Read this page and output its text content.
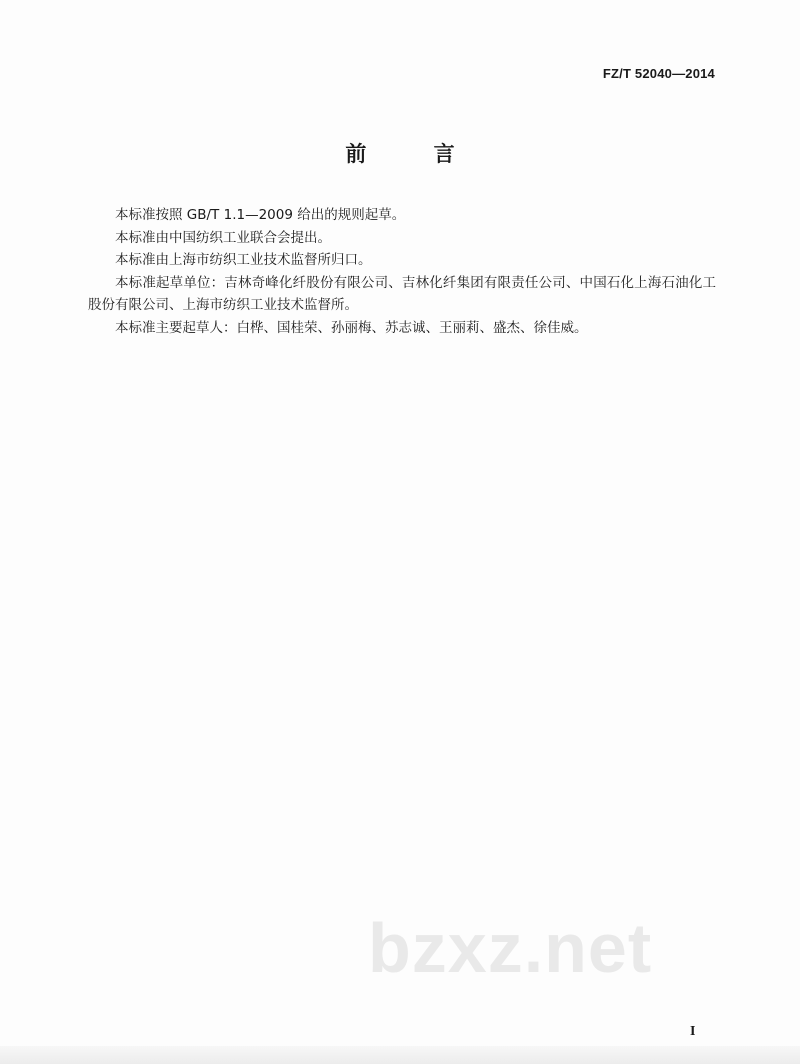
FZ/T 52040—2014
前 言

本标准按照 GB/T 1.1—2009 给出的规则起草。

本标准由中国纺织工业联合会提出。

本标准由上海市纺织工业技术监督所归口。

本标准起草单位：吉林奇峰化纤股份有限公司、吉林化纤集团有限责任公司、中国石化上海石油化工股份有限公司、上海市纺织工业技术监督所。

本标准主要起草人：白桦、国桂荣、孙丽梅、苏志诚、王丽莉、盛杰、徐佳威。

bzxz.net
I
